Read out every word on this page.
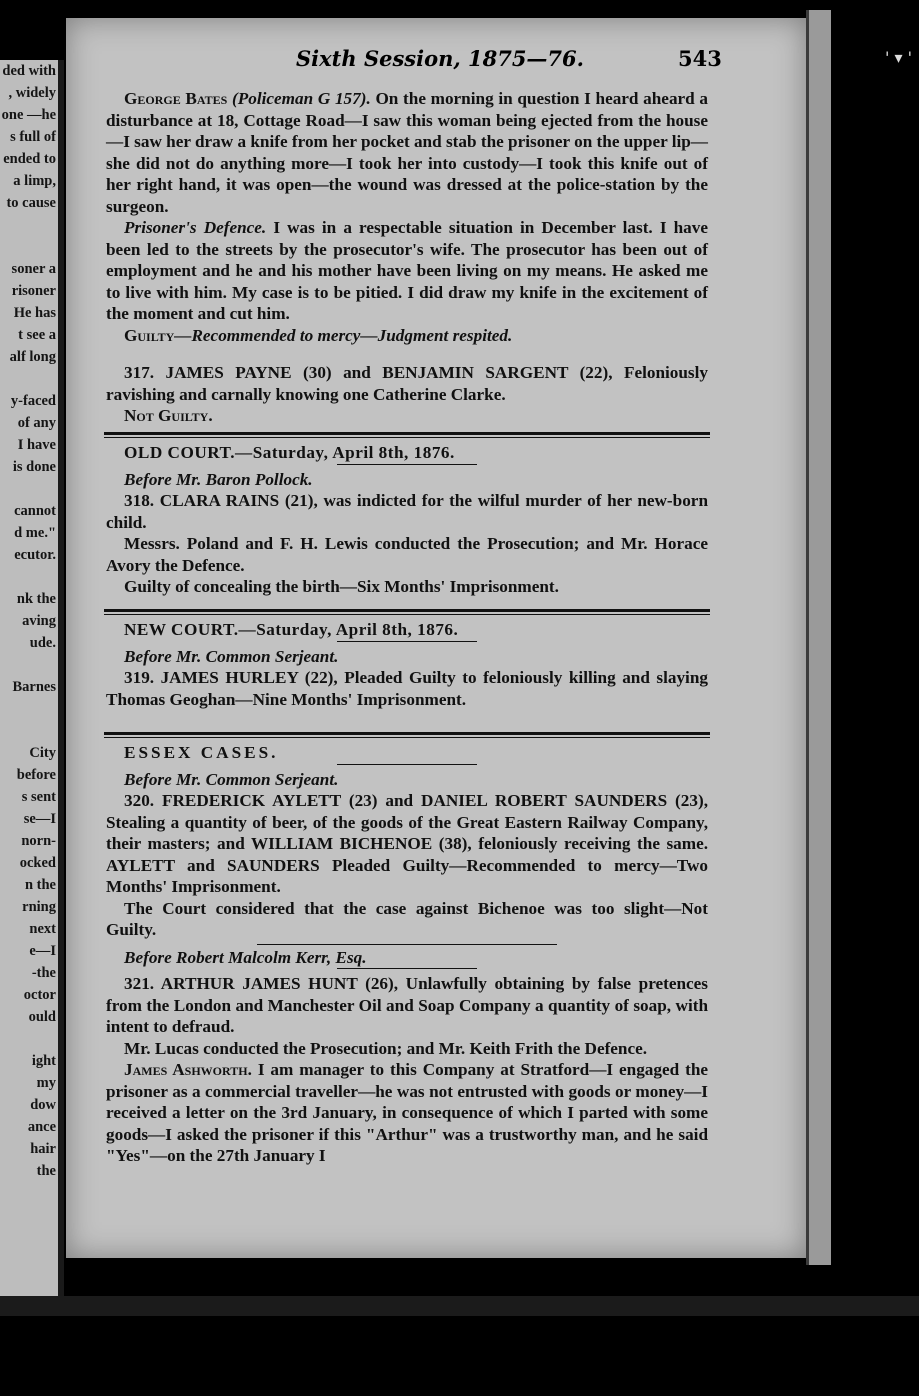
ded with
, widely
one —he
s full of
ended to
a limp,
to cause
soner a
risoner
He has
t see a
alf long
y-faced
of any
I have
is done
cannot
d me."
ecutor.
nk the
aving
ude.
Barnes
City
before
s sent
se—I
norn-
ocked
n the
rning
next
e—I
-the
octor
ould
ight
my
dow
ance
hair
the
' ▾ '
Sixth Session, 1875—76.	543

George Bates (Policeman G 157). On the morning in question I heard aheard a disturbance at 18, Cottage Road—I saw this woman being ejected from the house—I saw her draw a knife from her pocket and stab the prisoner on the upper lip—she did not do anything more—I took her into custody—I took this knife out of her right hand, it was open—the wound was dressed at the police-station by the surgeon.

Prisoner's Defence. I was in a respectable situation in December last. I have been led to the streets by the prosecutor's wife. The prosecutor has been out of employment and he and his mother have been living on my means. He asked me to live with him. My case is to be pitied. I did draw my knife in the excitement of the moment and cut him.

Guilty—Recommended to mercy—Judgment respited.

317. JAMES PAYNE (30) and BENJAMIN SARGENT (22), Feloniously ravishing and carnally knowing one Catherine Clarke.

Not Guilty.

OLD COURT.—Saturday, April 8th, 1876.

Before Mr. Baron Pollock.

318. CLARA RAINS (21), was indicted for the wilful murder of her new-born child.

Messrs. Poland and F. H. Lewis conducted the Prosecution; and Mr. Horace Avory the Defence.

Guilty of concealing the birth—Six Months' Imprisonment.

NEW COURT.—Saturday, April 8th, 1876.

Before Mr. Common Serjeant.

319. JAMES HURLEY (22), Pleaded Guilty to feloniously killing and slaying Thomas Geoghan—Nine Months' Imprisonment.

ESSEX CASES.

Before Mr. Common Serjeant.

320. FREDERICK AYLETT (23) and DANIEL ROBERT SAUNDERS (23), Stealing a quantity of beer, of the goods of the Great Eastern Railway Company, their masters; and WILLIAM BICHENOE (38), feloniously receiving the same. AYLETT and SAUNDERS Pleaded Guilty—Recommended to mercy—Two Months' Imprisonment.

The Court considered that the case against Bichenoe was too slight—Not Guilty.

Before Robert Malcolm Kerr, Esq.

321. ARTHUR JAMES HUNT (26), Unlawfully obtaining by false pretences from the London and Manchester Oil and Soap Company a quantity of soap, with intent to defraud.

Mr. Lucas conducted the Prosecution; and Mr. Keith Frith the Defence.

James Ashworth. I am manager to this Company at Stratford—I engaged the prisoner as a commercial traveller—he was not entrusted with goods or money—I received a letter on the 3rd January, in consequence of which I parted with some goods—I asked the prisoner if this "Arthur" was a trustworthy man, and he said "Yes"—on the 27th January I
